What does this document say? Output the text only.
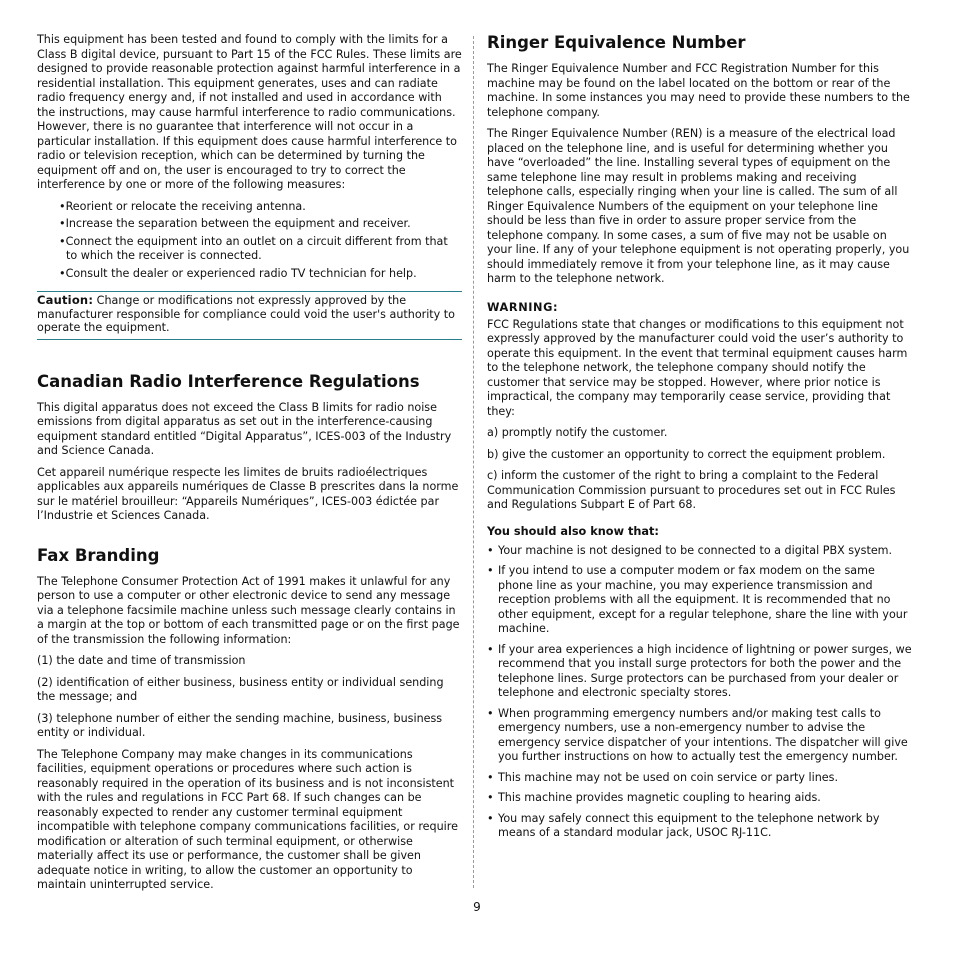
This equipment has been tested and found to comply with the limits for a Class B digital device, pursuant to Part 15 of the FCC Rules. These limits are designed to provide reasonable protection against harmful interference in a residential installation. This equipment generates, uses and can radiate radio frequency energy and, if not installed and used in accordance with the instructions, may cause harmful interference to radio communications. However, there is no guarantee that interference will not occur in a particular installation. If this equipment does cause harmful interference to radio or television reception, which can be determined by turning the equipment off and on, the user is encouraged to try to correct the interference by one or more of the following measures:

•Reorient or relocate the receiving antenna.
•Increase the separation between the equipment and receiver.
•Connect the equipment into an outlet on a circuit different from that to which the receiver is connected.
•Consult the dealer or experienced radio TV technician for help.

Caution: Change or modifications not expressly approved by the manufacturer responsible for compliance could void the user's authority to operate the equipment.

Canadian Radio Interference Regulations

This digital apparatus does not exceed the Class B limits for radio noise emissions from digital apparatus as set out in the interference-causing equipment standard entitled “Digital Apparatus”, ICES-003 of the Industry and Science Canada.

Cet appareil numérique respecte les limites de bruits radioélectriques applicables aux appareils numériques de Classe B prescrites dans la norme sur le matériel brouilleur: “Appareils Numériques”, ICES-003 édictée par l’Industrie et Sciences Canada.

Fax Branding

The Telephone Consumer Protection Act of 1991 makes it unlawful for any person to use a computer or other electronic device to send any message via a telephone facsimile machine unless such message clearly contains in a margin at the top or bottom of each transmitted page or on the first page of the transmission the following information:

(1) the date and time of transmission

(2) identification of either business, business entity or individual sending the message; and

(3) telephone number of either the sending machine, business, business entity or individual.

The Telephone Company may make changes in its communications facilities, equipment operations or procedures where such action is reasonably required in the operation of its business and is not inconsistent with the rules and regulations in FCC Part 68. If such changes can be reasonably expected to render any customer terminal equipment incompatible with telephone company communications facilities, or require modification or alteration of such terminal equipment, or otherwise materially affect its use or performance, the customer shall be given adequate notice in writing, to allow the customer an opportunity to maintain uninterrupted service.

Ringer Equivalence Number

The Ringer Equivalence Number and FCC Registration Number for this machine may be found on the label located on the bottom or rear of the machine. In some instances you may need to provide these numbers to the telephone company.

The Ringer Equivalence Number (REN) is a measure of the electrical load placed on the telephone line, and is useful for determining whether you have “overloaded” the line. Installing several types of equipment on the same telephone line may result in problems making and receiving telephone calls, especially ringing when your line is called. The sum of all Ringer Equivalence Numbers of the equipment on your telephone line should be less than five in order to assure proper service from the telephone company. In some cases, a sum of five may not be usable on your line. If any of your telephone equipment is not operating properly, you should immediately remove it from your telephone line, as it may cause harm to the telephone network.

WARNING:

FCC Regulations state that changes or modifications to this equipment not expressly approved by the manufacturer could void the user’s authority to operate this equipment. In the event that terminal equipment causes harm to the telephone network, the telephone company should notify the customer that service may be stopped. However, where prior notice is impractical, the company may temporarily cease service, providing that they:

a) promptly notify the customer.

b) give the customer an opportunity to correct the equipment problem.

c) inform the customer of the right to bring a complaint to the Federal Communication Commission pursuant to procedures set out in FCC Rules and Regulations Subpart E of Part 68.

You should also know that:
• Your machine is not designed to be connected to a digital PBX system.
• If you intend to use a computer modem or fax modem on the same phone line as your machine, you may experience transmission and reception problems with all the equipment. It is recommended that no other equipment, except for a regular telephone, share the line with your machine.
• If your area experiences a high incidence of lightning or power surges, we recommend that you install surge protectors for both the power and the telephone lines. Surge protectors can be purchased from your dealer or telephone and electronic specialty stores.
• When programming emergency numbers and/or making test calls to emergency numbers, use a non-emergency number to advise the emergency service dispatcher of your intentions. The dispatcher will give you further instructions on how to actually test the emergency number.
• This machine may not be used on coin service or party lines.
• This machine provides magnetic coupling to hearing aids.
• You may safely connect this equipment to the telephone network by means of a standard modular jack, USOC RJ-11C.
9
